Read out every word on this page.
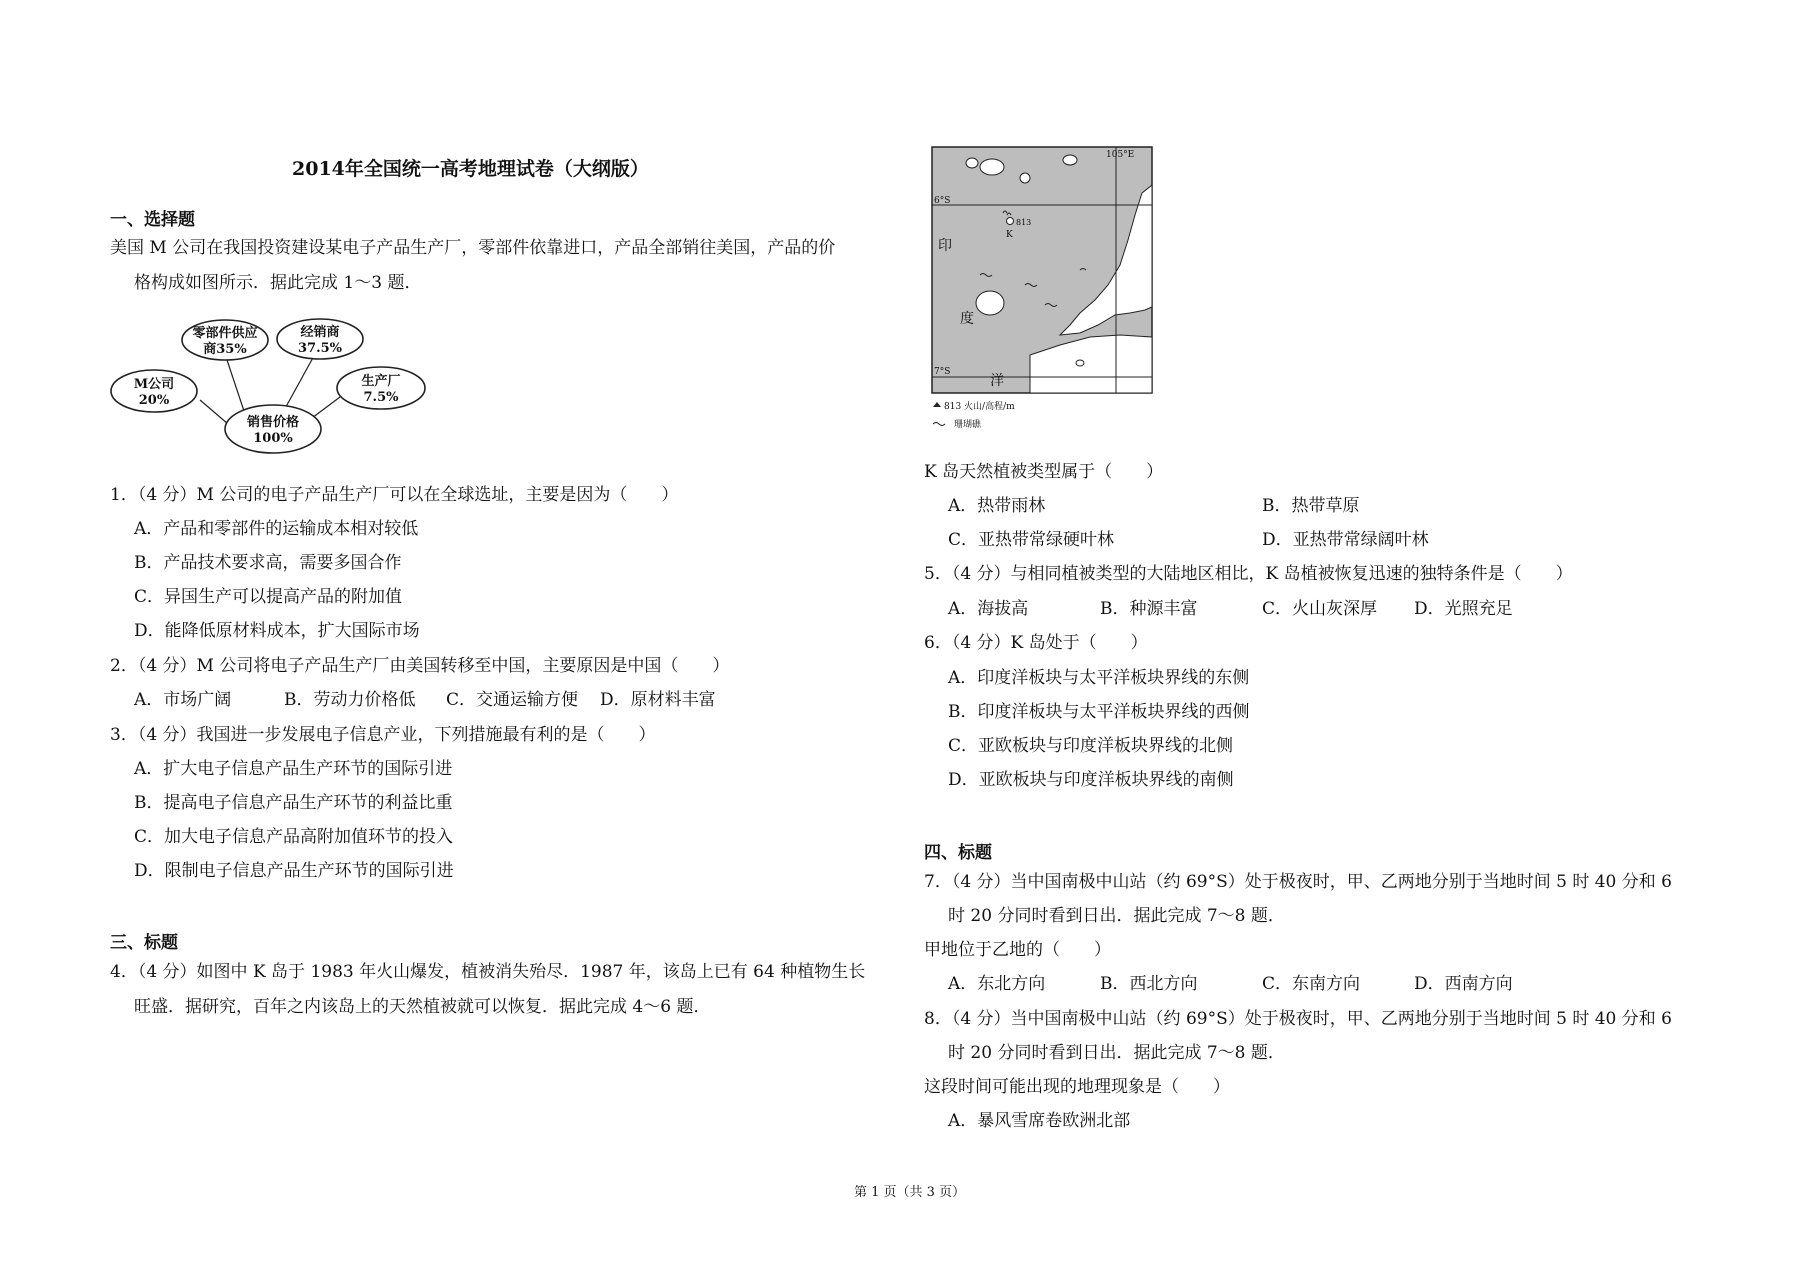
2014年全国统一高考地理试卷（大纲版）
一、选择题
美国 M 公司在我国投资建设某电子产品生产厂，零部件依靠进口，产品全部销往美国，产品的价
格构成如图所示．据此完成 1～3 题．
零部件供应
商35%
经销商
37.5%
M公司
20%
生产厂
7.5%
销售价格
100%
1．（4 分）M 公司的电子产品生产厂可以在全球选址，主要是因为（　　）
A．产品和零部件的运输成本相对较低
B．产品技术要求高，需要多国合作
C．异国生产可以提高产品的附加值
D．能降低原材料成本，扩大国际市场
2．（4 分）M 公司将电子产品生产厂由美国转移至中国，主要原因是中国（　　）
A．市场广阔	B．劳动力价格低 C．交通运输方便 D．原材料丰富
3．（4 分）我国进一步发展电子信息产业，下列措施最有利的是（　　）
A．扩大电子信息产品生产环节的国际引进
B．提高电子信息产品生产环节的利益比重
C．加大电子信息产品高附加值环节的投入
D．限制电子信息产品生产环节的国际引进
三、标题
4．（4 分）如图中 K 岛于 1983 年火山爆发，植被消失殆尽．1987 年，该岛上已有 64 种植物生长
旺盛．据研究，百年之内该岛上的天然植被就可以恢复．据此完成 4～6 题．
813
K
105°E
6°S
7°S
印
度
洋
813 火山/高程/m
珊瑚礁
K 岛天然植被类型属于（　　）
A．热带雨林	B．热带草原
C．亚热带常绿硬叶林	D．亚热带常绿阔叶林
5．（4 分）与相同植被类型的大陆地区相比，K 岛植被恢复迅速的独特条件是（　　）
A．海拔高	B．种源丰富	C．火山灰深厚 D．光照充足
6．（4 分）K 岛处于（　　）
A．印度洋板块与太平洋板块界线的东侧
B．印度洋板块与太平洋板块界线的西侧
C．亚欧板块与印度洋板块界线的北侧
D．亚欧板块与印度洋板块界线的南侧
四、标题
7．（4 分）当中国南极中山站（约 69°S）处于极夜时，甲、乙两地分别于当地时间 5 时 40 分和 6
时 20 分同时看到日出．据此完成 7～8 题．
甲地位于乙地的（　　）
A．东北方向	B．西北方向	C．东南方向	D．西南方向
8．（4 分）当中国南极中山站（约 69°S）处于极夜时，甲、乙两地分别于当地时间 5 时 40 分和 6
时 20 分同时看到日出．据此完成 7～8 题．
这段时间可能出现的地理现象是（　　）
A．暴风雪席卷欧洲北部
第 1 页（共 3 页）
